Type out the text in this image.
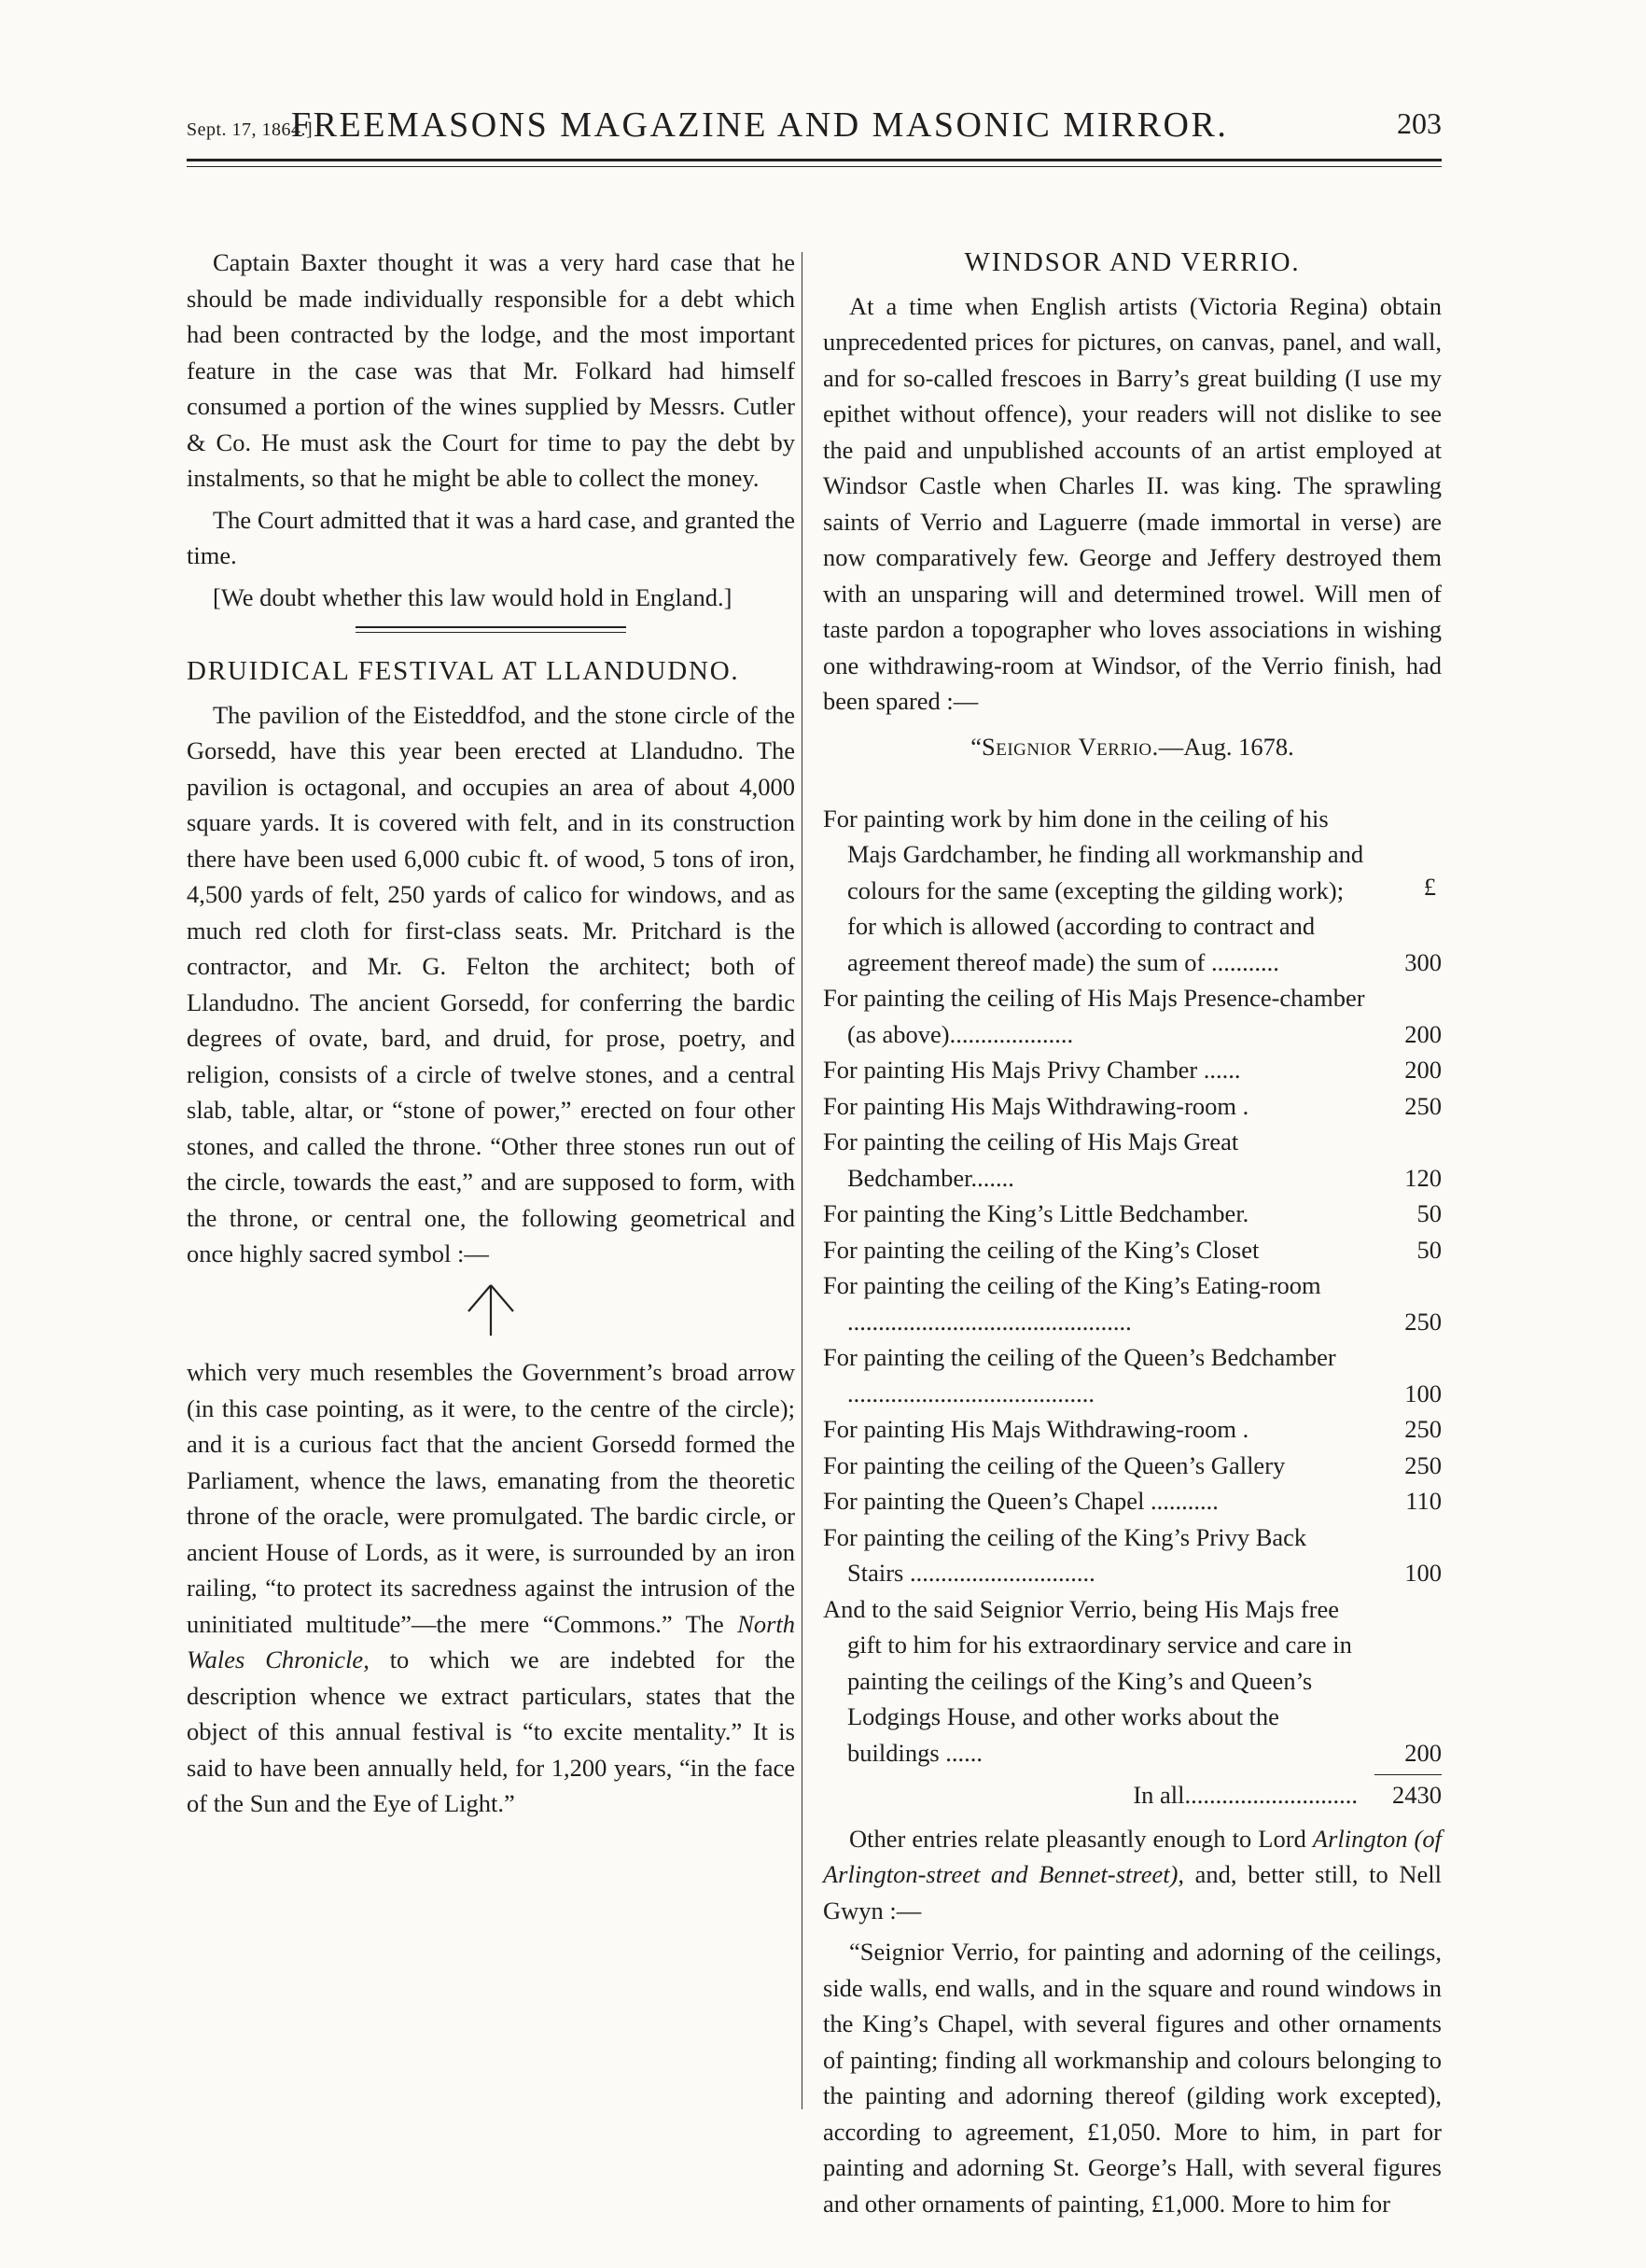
Sept. 17, 1864.]
FREEMASONS MAGAZINE AND MASONIC MIRROR.	203

Captain Baxter thought it was a very hard case that he should be made individually responsible for a debt which had been contracted by the lodge, and the most important feature in the case was that Mr. Folkard had himself consumed a portion of the wines supplied by Messrs. Cutler & Co. He must ask the Court for time to pay the debt by instalments, so that he might be able to collect the money.

The Court admitted that it was a hard case, and granted the time.

[We doubt whether this law would hold in England.]

DRUIDICAL FESTIVAL AT LLANDUDNO.

The pavilion of the Eisteddfod, and the stone circle of the Gorsedd, have this year been erected at Llandudno. The pavilion is octagonal, and occupies an area of about 4,000 square yards. It is covered with felt, and in its construction there have been used 6,000 cubic ft. of wood, 5 tons of iron, 4,500 yards of felt, 250 yards of calico for windows, and as much red cloth for first-class seats. Mr. Pritchard is the contractor, and Mr. G. Felton the architect; both of Llandudno. The ancient Gorsedd, for conferring the bardic degrees of ovate, bard, and druid, for prose, poetry, and religion, consists of a circle of twelve stones, and a central slab, table, altar, or “stone of power,” erected on four other stones, and called the throne. “Other three stones run out of the circle, towards the east,” and are supposed to form, with the throne, or central one, the following geometrical and once highly sacred symbol :—

which very much resembles the Government’s broad arrow (in this case pointing, as it were, to the centre of the circle); and it is a curious fact that the ancient Gorsedd formed the Parliament, whence the laws, emanating from the theoretic throne of the oracle, were promulgated. The bardic circle, or ancient House of Lords, as it were, is surrounded by an iron railing, “to protect its sacredness against the intrusion of the uninitiated multitude”—the mere “Commons.” The North Wales Chronicle, to which we are indebted for the description whence we extract particulars, states that the object of this annual festival is “to excite mentality.” It is said to have been annually held, for 1,200 years, “in the face of the Sun and the Eye of Light.”

WINDSOR AND VERRIO.

At a time when English artists (Victoria Regina) obtain unprecedented prices for pictures, on canvas, panel, and wall, and for so-called frescoes in Barry’s great building (I use my epithet without offence), your readers will not dislike to see the paid and unpublished accounts of an artist employed at Windsor Castle when Charles II. was king. The sprawling saints of Verrio and Laguerre (made immortal in verse) are now comparatively few. George and Jeffery destroyed them with an unsparing will and determined trowel. Will men of taste pardon a topographer who loves associations in wishing one withdrawing-room at Windsor, of the Verrio finish, had been spared :—

“Seignior Verrio.—Aug. 1678.
£
For painting work by him done in the ceiling of his Majs Gardchamber, he finding all workmanship and colours for the same (excepting the gilding work); for which is allowed (according to contract and agreement thereof made) the sum of ...........	300
For painting the ceiling of His Majs Presence-chamber (as above)....................	200
For painting His Majs Privy Chamber ......	200
For painting His Majs Withdrawing-room .	250
For painting the ceiling of His Majs Great Bedchamber.......	120
For painting the King’s Little Bedchamber.	50
For painting the ceiling of the King’s Closet	50
For painting the ceiling of the King’s Eating-room ..............................................	250
For painting the ceiling of the Queen’s Bedchamber ........................................	100
For painting His Majs Withdrawing-room .	250
For painting the ceiling of the Queen’s Gallery	250
For painting the Queen’s Chapel ...........	110
For painting the ceiling of the King’s Privy Back Stairs ..............................	100
And to the said Seignior Verrio, being His Majs free gift to him for his extraordinary service and care in painting the ceilings of the King’s and Queen’s Lodgings House, and other works about the buildings ......	200
In all............................	2430

Other entries relate pleasantly enough to Lord Arlington (of Arlington-street and Bennet-street), and, better still, to Nell Gwyn :—

“Seignior Verrio, for painting and adorning of the ceilings, side walls, end walls, and in the square and round windows in the King’s Chapel, with several figures and other ornaments of painting; finding all workmanship and colours belonging to the painting and adorning thereof (gilding work excepted), according to agreement, £1,050. More to him, in part for painting and adorning St. George’s Hall, with several figures and other ornaments of painting, £1,000. More to him for
